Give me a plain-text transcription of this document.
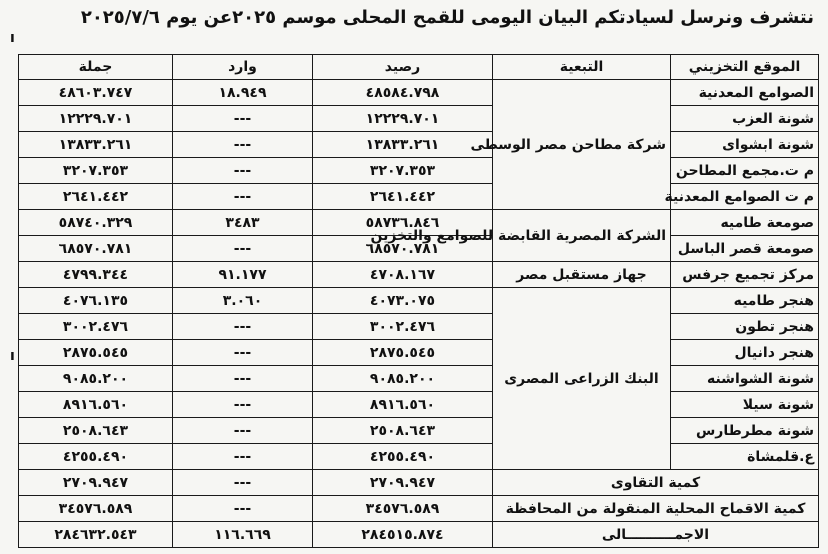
نتشرف ونرسل لسيادتكم البيان اليومى للقمح المحلى موسم ٢٠٢٥عن يوم ٢٠٢٥/٧/٦
ı
ı
الموقع التخزيني	التبعية	رصيد	وارد	جملة
الصوامع المعدنية	شركة مطاحن مصر الوسطى	٤٨٥٨٤.٧٩٨	١٨.٩٤٩	٤٨٦٠٣.٧٤٧
شونة العزب		١٢٢٢٩.٧٠١	---	١٢٢٢٩.٧٠١
شونة ابشواى		١٣٨٣٣.٢٦١	---	١٣٨٣٣.٢٦١
م ت.مجمع المطاحن		٣٢٠٧.٣٥٣	---	٣٢٠٧.٣٥٣
م ت الصوامع المعدنية		٢٦٤١.٤٤٢	---	٢٦٤١.٤٤٢
صومعة طاميه	الشركة المصرية القابضة للصوامع والتخزين	٥٨٧٣٦.٨٤٦	٣٤٨٣	٥٨٧٤٠.٣٢٩
صومعة قصر الباسل		٦٨٥٧٠.٧٨١	---	٦٨٥٧٠.٧٨١
مركز تجميع جرفس	جهاز مستقبل مصر	٤٧٠٨.١٦٧	٩١.١٧٧	٤٧٩٩.٣٤٤
هنجر طاميه	البنك الزراعى المصرى	٤٠٧٣.٠٧٥	٣.٠٦٠	٤٠٧٦.١٣٥
هنجر تطون		٣٠٠٢.٤٧٦	---	٣٠٠٢.٤٧٦
هنجر دانيال		٢٨٧٥.٥٤٥	---	٢٨٧٥.٥٤٥
شونة الشواشنه		٩٠٨٥.٢٠٠	---	٩٠٨٥.٢٠٠
شونة سيلا		٨٩١٦.٥٦٠	---	٨٩١٦.٥٦٠
شونة مطرطارس		٢٥٠٨.٦٤٣	---	٢٥٠٨.٦٤٣
ع.قلمشاة		٤٢٥٥.٤٩٠	---	٤٢٥٥.٤٩٠
كمية التقاوى		٢٧٠٩.٩٤٧	---	٢٧٠٩.٩٤٧
كمية الاقماح المحلية المنقولة من المحافظة		٣٤٥٧٦.٥٨٩	---	٣٤٥٧٦.٥٨٩
الاجمــــــــــالى		٢٨٤٥١٥.٨٧٤	١١٦.٦٦٩	٢٨٤٦٣٢.٥٤٣
